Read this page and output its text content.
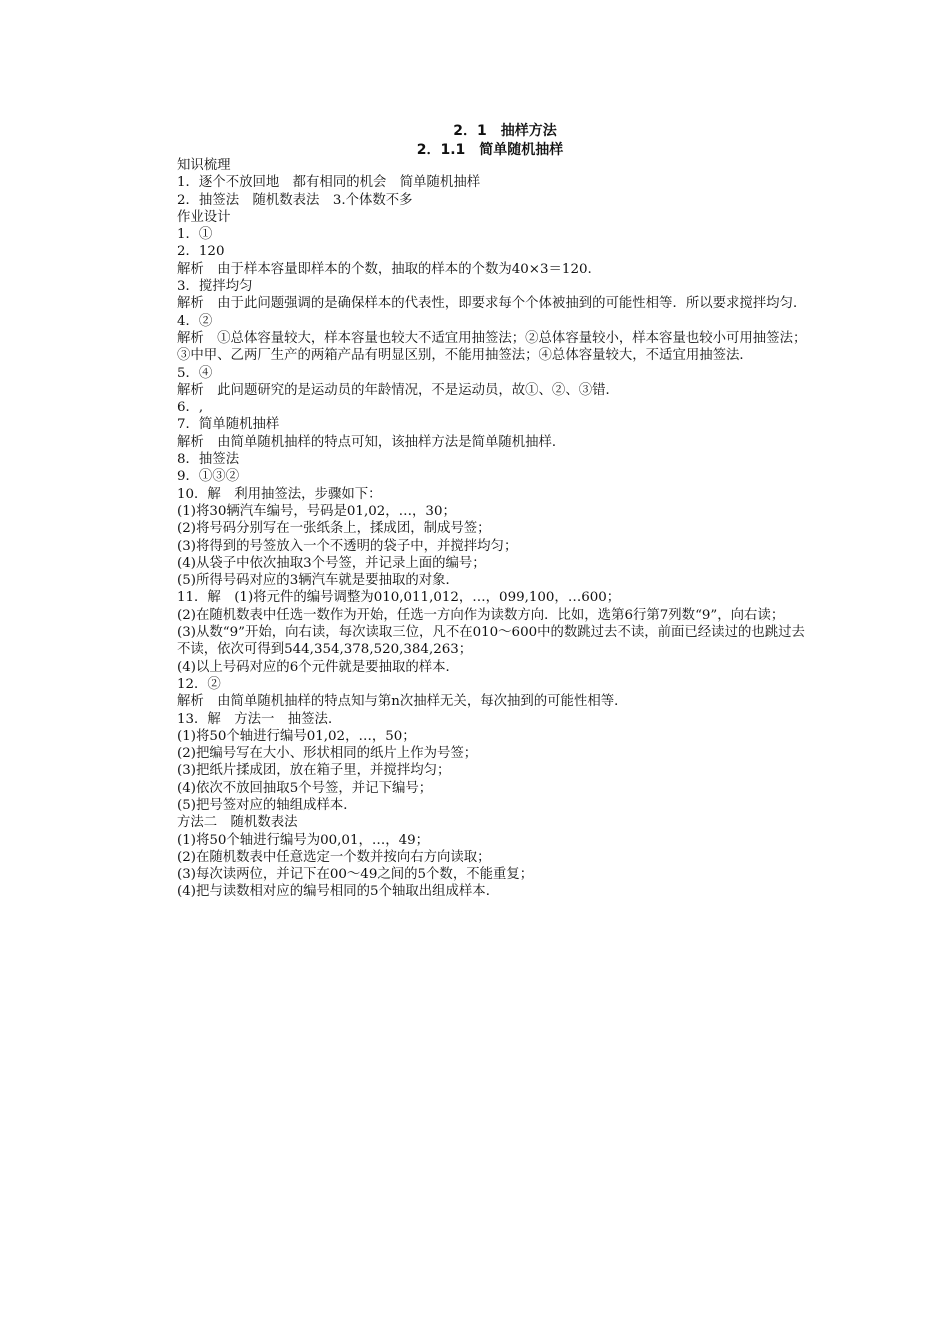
2．1　抽样方法
2．1.1　简单随机抽样

知识梳理

1．逐个不放回地　都有相同的机会　简单随机抽样

2．抽签法　随机数表法　3.个体数不多

作业设计

1．①

2．120

解析　由于样本容量即样本的个数，抽取的样本的个数为40×3＝120.

3．搅拌均匀

解析　由于此问题强调的是确保样本的代表性，即要求每个个体被抽到的可能性相等．所以要求搅拌均匀．

4．②

解析　①总体容量较大，样本容量也较大不适宜用抽签法；②总体容量较小，样本容量也较小可用抽签法；③中甲、乙两厂生产的两箱产品有明显区别，不能用抽签法；④总体容量较大，不适宜用抽签法．

5．④

解析　此问题研究的是运动员的年龄情况，不是运动员，故①、②、③错．

6．,

7．简单随机抽样

解析　由简单随机抽样的特点可知，该抽样方法是简单随机抽样．

8．抽签法

9．①③②

10．解　利用抽签法，步骤如下：

(1)将30辆汽车编号，号码是01,02，…，30；

(2)将号码分别写在一张纸条上，揉成团，制成号签；

(3)将得到的号签放入一个不透明的袋子中，并搅拌均匀；

(4)从袋子中依次抽取3个号签，并记录上面的编号；

(5)所得号码对应的3辆汽车就是要抽取的对象．

11．解　(1)将元件的编号调整为010,011,012，…，099,100，…600；

(2)在随机数表中任选一数作为开始，任选一方向作为读数方向．比如，选第6行第7列数“9”，向右读；

(3)从数“9”开始，向右读，每次读取三位，凡不在010～600中的数跳过去不读，前面已经读过的也跳过去不读，依次可得到544,354,378,520,384,263；

(4)以上号码对应的6个元件就是要抽取的样本．

12．②

解析　由简单随机抽样的特点知与第n次抽样无关，每次抽到的可能性相等．

13．解　方法一　抽签法．

(1)将50个轴进行编号01,02，…，50；

(2)把编号写在大小、形状相同的纸片上作为号签；

(3)把纸片揉成团，放在箱子里，并搅拌均匀；

(4)依次不放回抽取5个号签，并记下编号；

(5)把号签对应的轴组成样本．

方法二　随机数表法

(1)将50个轴进行编号为00,01，…，49；

(2)在随机数表中任意选定一个数并按向右方向读取；

(3)每次读两位，并记下在00～49之间的5个数，不能重复；

(4)把与读数相对应的编号相同的5个轴取出组成样本．
